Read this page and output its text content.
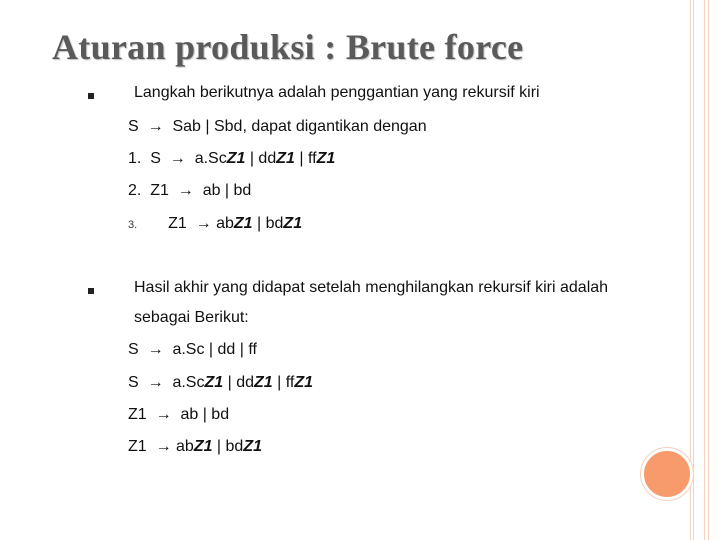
Aturan produksi : Brute force
Langkah berikutnya adalah penggantian yang rekursif kiri
S → Sab | Sbd, dapat digantikan dengan
1. S → a.ScZ1 | ddZ1 | ffZ1
2. Z1 → ab | bd
3. Z1 → abZ1 | bdZ1
Hasil akhir yang didapat setelah menghilangkan rekursif kiri adalah
sebagai Berikut:
S → a.Sc | dd | ff
S → a.ScZ1 | ddZ1 | ffZ1
Z1 → ab | bd
Z1 → abZ1 | bdZ1
